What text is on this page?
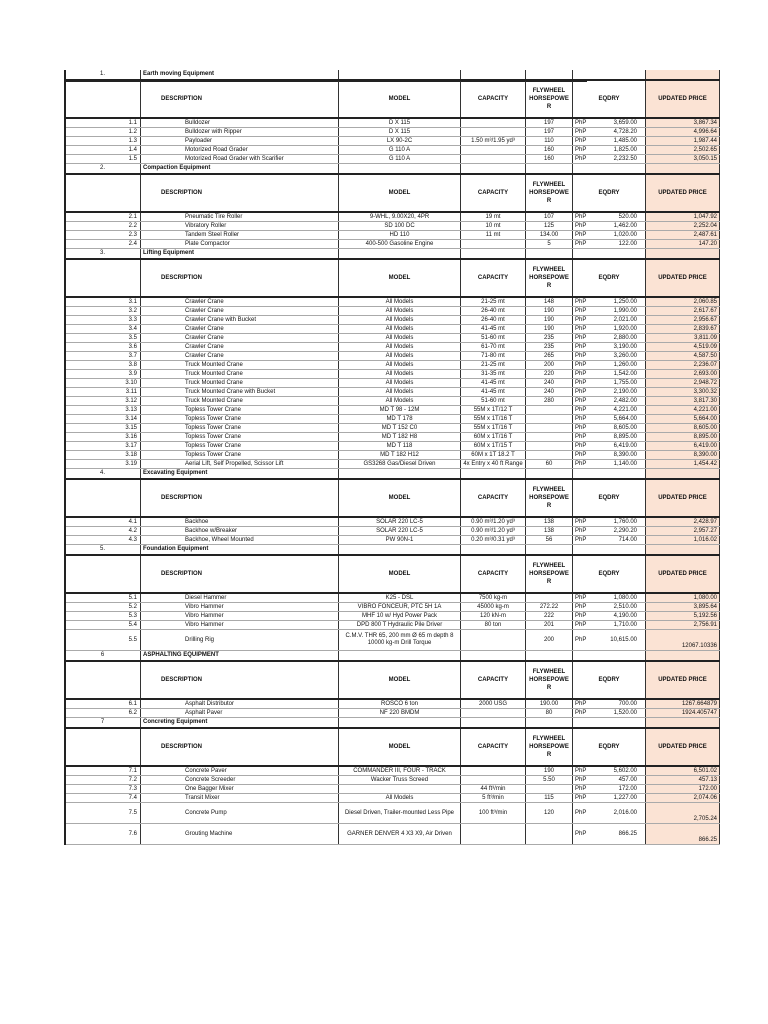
1.	Earth moving Equipment					
	DESCRIPTION	MODEL	CAPACITY	FLYWHEEL HORSEPOWE R	EQDRY	UPDATED PRICE
1.1	Bulldozer	D X 115		197	PhP 3,659.00	3,867.34
1.2	Bulldozer with Ripper	D X 115		197	PhP 4,728.20	4,996.64
1.3	Payloader	LX 90-2C	1.50 m³/1.95 yd³	110	PhP 1,485.00	1,987.44
1.4	Motorized Road Grader	G 110 A		160	PhP 1,825.00	2,502.65
1.5	Motorized Road Grader with Scarifier	G 110 A		160	PhP 2,232.50	3,050.15
2.	Compaction Equipment					
	DESCRIPTION	MODEL	CAPACITY	FLYWHEEL HORSEPOWE R	EQDRY	UPDATED PRICE
2.1	Pneumatic Tire Roller	9-WHL, 9.00X20, 4PR	19 mt	107	PhP 520.00	1,047.92
2.2	Vibratory Roller	SD 100 DC	10 mt	125	PhP 1,462.00	2,252.04
2.3	Tandem Steel Roller	HD 110	11 mt	134.00	PhP 1,020.00	2,487.61
2.4	Plate Compactor	400-500 Gasoline Engine		5	PhP 122.00	147.20
3.	Lifting Equipment					
	DESCRIPTION	MODEL	CAPACITY	FLYWHEEL HORSEPOWE R	EQDRY	UPDATED PRICE
3.1	Crawler Crane	All Models	21-25 mt	148	PhP 1,250.00	2,060.85
3.2	Crawler Crane	All Models	26-40 mt	190	PhP 1,990.00	2,617.67
3.3	Crawler Crane with Bucket	All Models	26-40 mt	190	PhP 2,021.00	2,956.67
3.4	Crawler Crane	All Models	41-45 mt	190	PhP 1,920.00	2,839.67
3.5	Crawler Crane	All Models	51-60 mt	235	PhP 2,880.00	3,811.09
3.6	Crawler Crane	All Models	61-70 mt	235	PhP 3,190.00	4,519.09
3.7	Crawler Crane	All Models	71-80 mt	265	PhP 3,260.00	4,587.50
3.8	Truck Mounted Crane	All Models	21-25 mt	200	PhP 1,260.00	2,236.07
3.9	Truck Mounted Crane	All Models	31-35 mt	220	PhP 1,542.00	2,693.00
3.10	Truck Mounted Crane	All Models	41-45 mt	240	PhP 1,755.00	2,948.72
3.11	Truck Mounted Crane with Bucket	All Models	41-45 mt	240	PhP 2,190.00	3,300.32
3.12	Truck Mounted Crane	All Models	51-60 mt	280	PhP 2,482.00	3,817.30
3.13	Topless Tower Crane	MD T 98 - 12M	55M x 1T/12 T		PhP 4,221.00	4,221.00
3.14	Topless Tower Crane	MD T 178	55M x 1T/16 T		PhP 5,664.00	5,664.00
3.15	Topless Tower Crane	MD T 152 C0	55M x 1T/16 T		PhP 8,605.00	8,605.00
3.16	Topless Tower Crane	MD T 182 H8	60M x 1T/16 T		PhP 8,895.00	8,895.00
3.17	Topless Tower Crane	MD T 118	60M x 1T/15 T		PhP 6,419.00	6,419.00
3.18	Topless Tower Crane	MD T 182 H12	60M x 1T 18.2 T		PhP 8,390.00	8,390.00
3.19	Aerial Lift, Self Propelled, Scissor Lift	GS3268 Gas/Diesel Driven	4x Entry x 40 ft Range	60	PhP 1,140.00	1,454.42
4.	Excavating Equipment					
	DESCRIPTION	MODEL	CAPACITY	FLYWHEEL HORSEPOWE R	EQDRY	UPDATED PRICE
4.1	Backhoe	SOLAR 220 LC-5	0.90 m³/1.20 yd³	138	PhP 1,760.00	2,428.97
4.2	Backhoe w/Breaker	SOLAR 220 LC-5	0.90 m³/1.20 yd³	138	PhP 2,290.20	2,957.27
4.3	Backhoe, Wheel Mounted	PW 90N-1	0.20 m³/0.31 yd³	56	PhP 714.00	1,016.02
5.	Foundation Equipment					
	DESCRIPTION	MODEL	CAPACITY	FLYWHEEL HORSEPOWE R	EQDRY	UPDATED PRICE
5.1	Diesel Hammer	K25 - DSL	7500 kg-m		PhP 1,080.00	1,080.00
5.2	Vibro Hammer	VIBRO FONCEUR, PTC 5H 1A	45000 kg-m	272.22	PhP 2,510.00	3,895.64
5.3	Vibro Hammer	MHF 10 w/ Hyd Power Pack	120 kN-m	222	PhP 4,190.00	5,192.56
5.4	Vibro Hammer	DPD 800 T Hydraulic Pile Driver	80 ton	201	PhP 1,710.00	2,756.91
5.5	Drilling Rig	C.M.V. THR 65, 200 mm Ø 65 m depth 8 10000 kg-m Drill Torque		200	PhP 10,615.00	12067.10336
6	ASPHALTING EQUIPMENT					
	DESCRIPTION	MODEL	CAPACITY	FLYWHEEL HORSEPOWE R	EQDRY	UPDATED PRICE
6.1	Asphalt Distributor	ROSCO 6 ton	2000 USG	190.00	PhP 700.00	1267.664879
6.2	Asphalt Paver	NF 220 BMDM		80	PhP 1,520.00	1924.405747
7	Concreting Equipment					
	DESCRIPTION	MODEL	CAPACITY	FLYWHEEL HORSEPOWE R	EQDRY	UPDATED PRICE
7.1	Concrete Paver	COMMANDER III, FOUR - TRACK		190	PhP 5,602.00	6,501.02
7.2	Concrete Screeder	Wacker Truss Screed		5.50	PhP 457.00	457.13
7.3	One Bagger Mixer		44 ft³/min		PhP 172.00	172.00
7.4	Transit Mixer	All Models	5 ft³/min	115	PhP 1,227.00	2,074.06
7.5	Concrete Pump	Diesel Driven, Trailer-mounted Less Pipe	100 ft³/min	120	PhP 2,016.00	2,705.24
7.6	Grouting Machine	GARNER DENVER 4 X3 X9, Air Driven			PhP 866.25	866.25
